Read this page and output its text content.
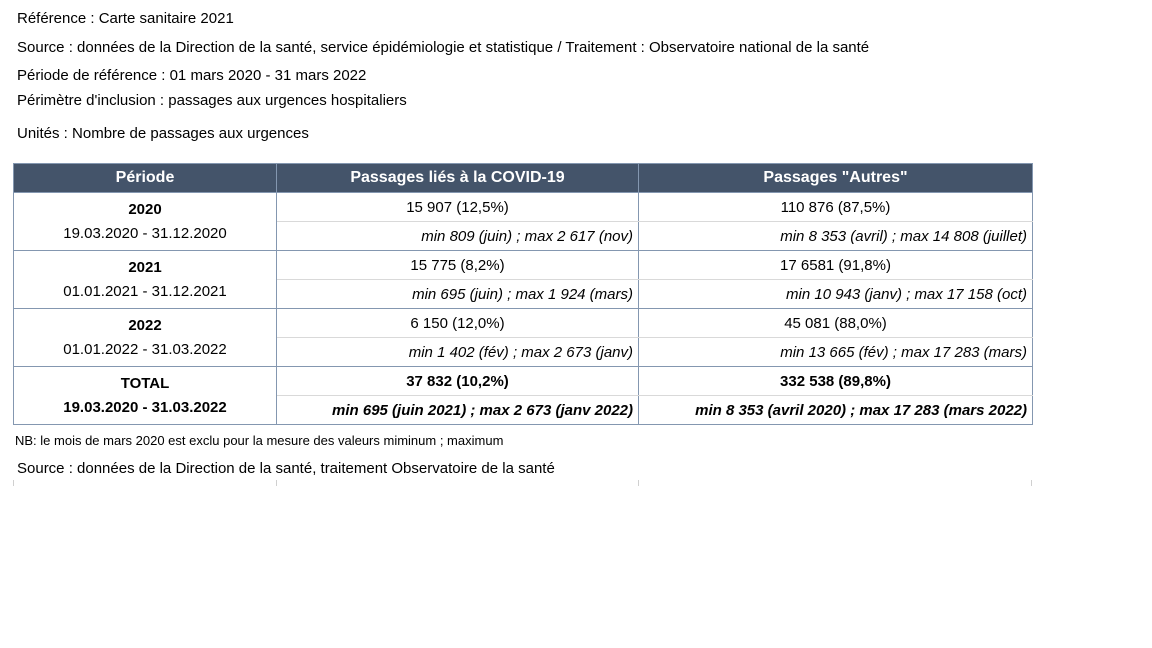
Référence : Carte sanitaire 2021
Source : données de la Direction de la santé, service épidémiologie et statistique / Traitement : Observatoire national de la santé
Période de référence : 01 mars 2020 - 31 mars 2022
Périmètre d'inclusion : passages aux urgences hospitaliers
Unités : Nombre de passages aux urgences
Période	Passages liés à la COVID-19	Passages "Autres"

2020
19.03.2020 - 31.12.2020	15 907 (12,5%)	110 876 (87,5%)
	min 809 (juin) ; max 2 617 (nov)	min 8 353 (avril) ; max 14 808 (juillet)

2021
01.01.2021 - 31.12.2021	15 775 (8,2%)	17 6581 (91,8%)
	min 695 (juin) ; max 1 924 (mars)	min 10 943 (janv) ; max 17 158 (oct)

2022
01.01.2022 - 31.03.2022	6 150 (12,0%)	45 081 (88,0%)
	min 1 402 (fév) ; max 2 673 (janv)	min 13 665 (fév) ; max 17 283 (mars)

TOTAL
19.03.2020 - 31.03.2022	37 832 (10,2%)	332 538 (89,8%)
	min 695 (juin 2021) ; max 2 673 (janv 2022)	min 8 353 (avril 2020) ; max 17 283 (mars 2022)
NB: le mois de mars 2020 est exclu pour la mesure des valeurs miminum ; maximum
Source : données de la Direction de la santé, traitement Observatoire de la santé
